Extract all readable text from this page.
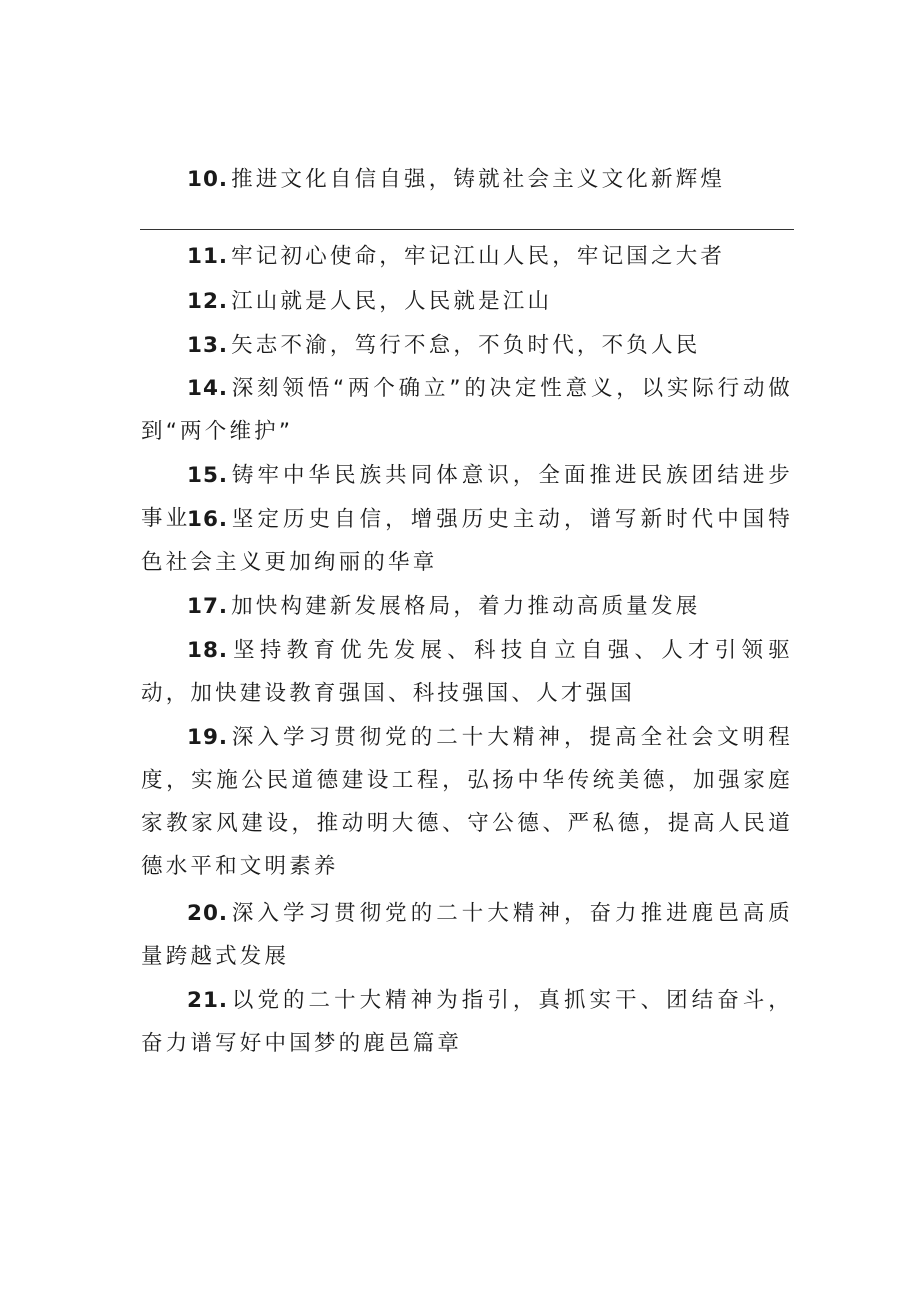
10.推进文化自信自强，铸就社会主义文化新辉煌
11.牢记初心使命，牢记江山人民，牢记国之大者
12.江山就是人民，人民就是江山
13.矢志不渝，笃行不怠，不负时代，不负人民
14.深刻领悟“两个确立”的决定性意义，以实际行动做到“两个维护”
15.铸牢中华民族共同体意识，全面推进民族团结进步事业
16.坚定历史自信，增强历史主动，谱写新时代中国特色社会主义更加绚丽的华章
17.加快构建新发展格局，着力推动高质量发展
18.坚持教育优先发展、科技自立自强、人才引领驱动，加快建设教育强国、科技强国、人才强国
19.深入学习贯彻党的二十大精神，提高全社会文明程度，实施公民道德建设工程，弘扬中华传统美德，加强家庭家教家风建设，推动明大德、守公德、严私德，提高人民道德水平和文明素养
20.深入学习贯彻党的二十大精神，奋力推进鹿邑高质量跨越式发展
21.以党的二十大精神为指引，真抓实干、团结奋斗，奋力谱写好中国梦的鹿邑篇章
